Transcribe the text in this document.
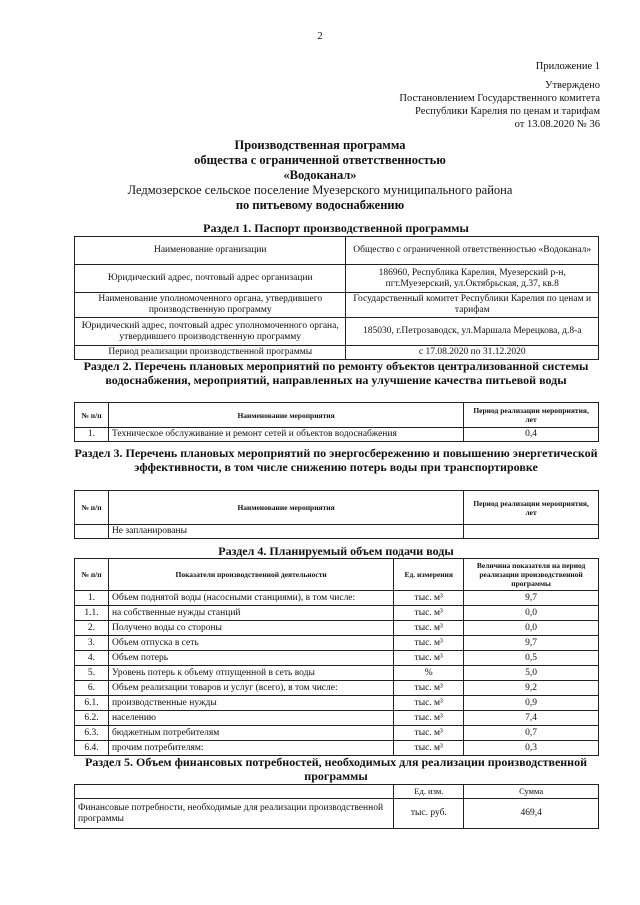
2
Приложение 1
Утверждено
Постановлением Государственного комитета
Республики Карелия по ценам и тарифам
от 13.08.2020 № 36
Производственная программа
общества с ограниченной ответственностью
«Водоканал»
Ледмозерское сельское поселение Муезерского муниципального района
по питьевому водоснабжению
Раздел 1. Паспорт производственной программы
Наименование организации	Общество с ограниченной ответственностью «Водоканал»
Юридический адрес, почтовый адрес организации	186960, Республика Карелия, Муезерский р-н, пгт.Муезерский, ул.Октябрьская, д.37, кв.8
Наименование уполномоченного органа, утвердившего производственную программу	Государственный комитет Республики Карелия по ценам и тарифам
Юридический адрес, почтовый адрес уполномоченного органа, утвердившего производственную программу	185030, г.Петрозаводск, ул.Маршала Мерецкова, д.8-а
Период реализации производственной программы	с 17.08.2020 по 31.12.2020
Раздел 2. Перечень плановых мероприятий по ремонту объектов централизованной системы водоснабжения, мероприятий, направленных на улучшение качества питьевой воды
№ п/п	Наименование мероприятия	Период реализации мероприятия, лет
1.	Техническое обслуживание и ремонт сетей и объектов водоснабжения	0,4
Раздел 3. Перечень плановых мероприятий по энергосбережению и повышению энергетической эффективности, в том числе снижению потерь воды при транспортировке
№ п/п	Наименование мероприятия	Период реализации мероприятия, лет
	Не запланированы	
Раздел 4. Планируемый объем подачи воды
№ п/п	Показатели производственной деятельности	Ед. измерения	Величина показателя на период реализации производственной программы
1.	Объем поднятой воды (насосными станциями), в том числе:	тыс. м³	9,7
1.1.	на собственные нужды станций	тыс. м³	0,0
2.	Получено воды со стороны	тыс. м³	0,0
3.	Объем отпуска в сеть	тыс. м³	9,7
4.	Объем потерь	тыс. м³	0,5
5.	Уровень потерь к объему отпущенной в сеть воды	%	5,0
6.	Объем реализации товаров и услуг (всего), в том числе:	тыс. м³	9,2
6.1.	производственные нужды	тыс. м³	0,9
6.2.	населению	тыс. м³	7,4
6.3.	бюджетным потребителям	тыс. м³	0,7
6.4.	прочим потребителям:	тыс. м³	0,3
Раздел 5. Объем финансовых потребностей, необходимых для реализации производственной программы
	Ед. изм.	Сумма
Финансовые потребности, необходимые для реализации производственной программы	тыс. руб.	469,4
